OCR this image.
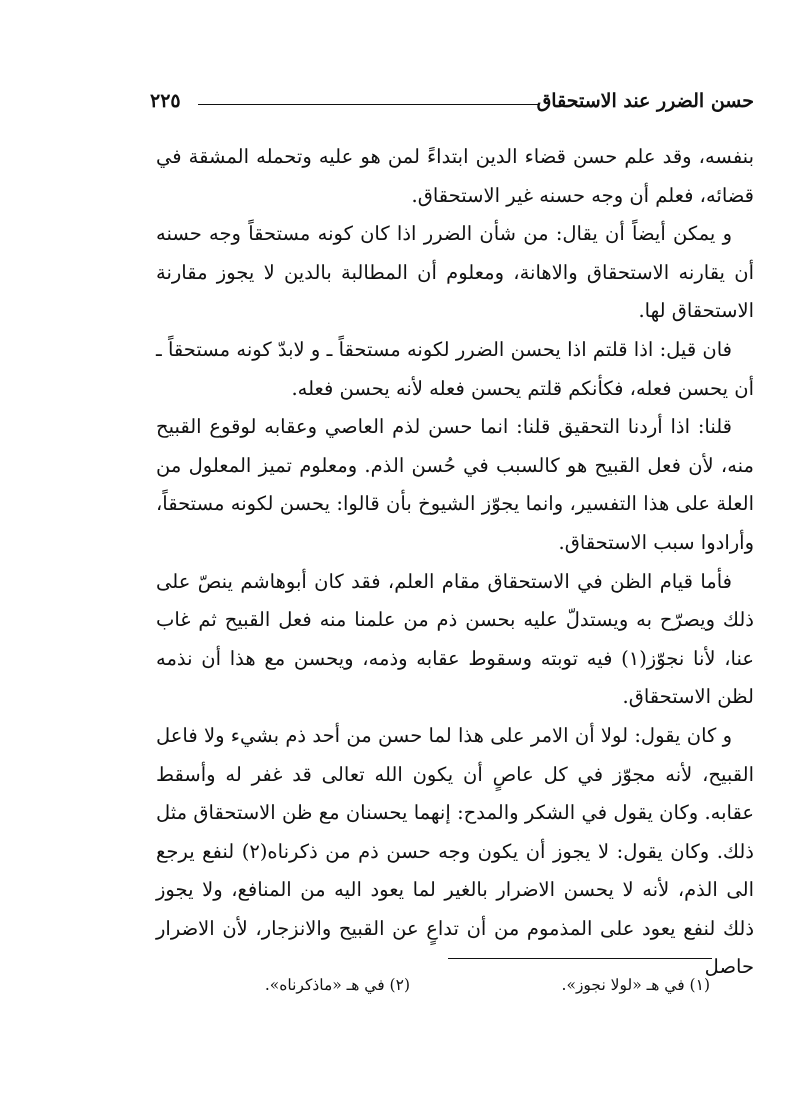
حسن الضرر عند الاستحقاق
٢٢٥

بنفسه، وقد علم حسن قضاء الدين ابتداءً لمن هو عليه وتحمله المشقة في قضائه، فعلم أن وجه حسنه غير الاستحقاق.

و يمكن أيضاً أن يقال: من شأن الضرر اذا كان كونه مستحقاً وجه حسنه أن يقارنه الاستحقاق والاهانة، ومعلوم أن المطالبة بالدين لا يجوز مقارنة الاستحقاق لها.

فان قيل: اذا قلتم اذا يحسن الضرر لكونه مستحقاً ـ و لابدّ كونه مستحقاً ـ أن يحسن فعله، فكأنكم قلتم يحسن فعله لأنه يحسن فعله.

قلنا: اذا أردنا التحقيق قلنا: انما حسن لذم العاصي وعقابه لوقوع القبيح منه، لأن فعل القبيح هو كالسبب في حُسن الذم. ومعلوم تميز المعلول من العلة على هذا التفسير، وانما يجوّز الشيوخ بأن قالوا: يحسن لكونه مستحقاً، وأرادوا سبب الاستحقاق.

فأما قيام الظن في الاستحقاق مقام العلم، فقد كان أبوهاشم ينصّ على ذلك ويصرّح به ويستدلّ عليه بحسن ذم من علمنا منه فعل القبيح ثم غاب عنا، لأنا نجوّز(١) فيه توبته وسقوط عقابه وذمه، ويحسن مع هذا أن نذمه لظن الاستحقاق.

و كان يقول: لولا أن الامر على هذا لما حسن من أحد ذم بشيء ولا فاعل القبيح، لأنه مجوّز في كل عاصٍ أن يكون الله تعالى قد غفر له وأسقط عقابه. وكان يقول في الشكر والمدح: إنهما يحسنان مع ظن الاستحقاق مثل ذلك. وكان يقول: لا يجوز أن يكون وجه حسن ذم من ذكرناه(٢) لنفع يرجع الى الذم، لأنه لا يحسن الاضرار بالغير لما يعود اليه من المنافع، ولا يجوز ذلك لنفع يعود على المذموم من أن تداعٍ عن القبيح والانزجار، لأن الاضرار حاصل

(١) في هـ «لولا نجوز».
(٢) في هـ «ماذكرناه».
